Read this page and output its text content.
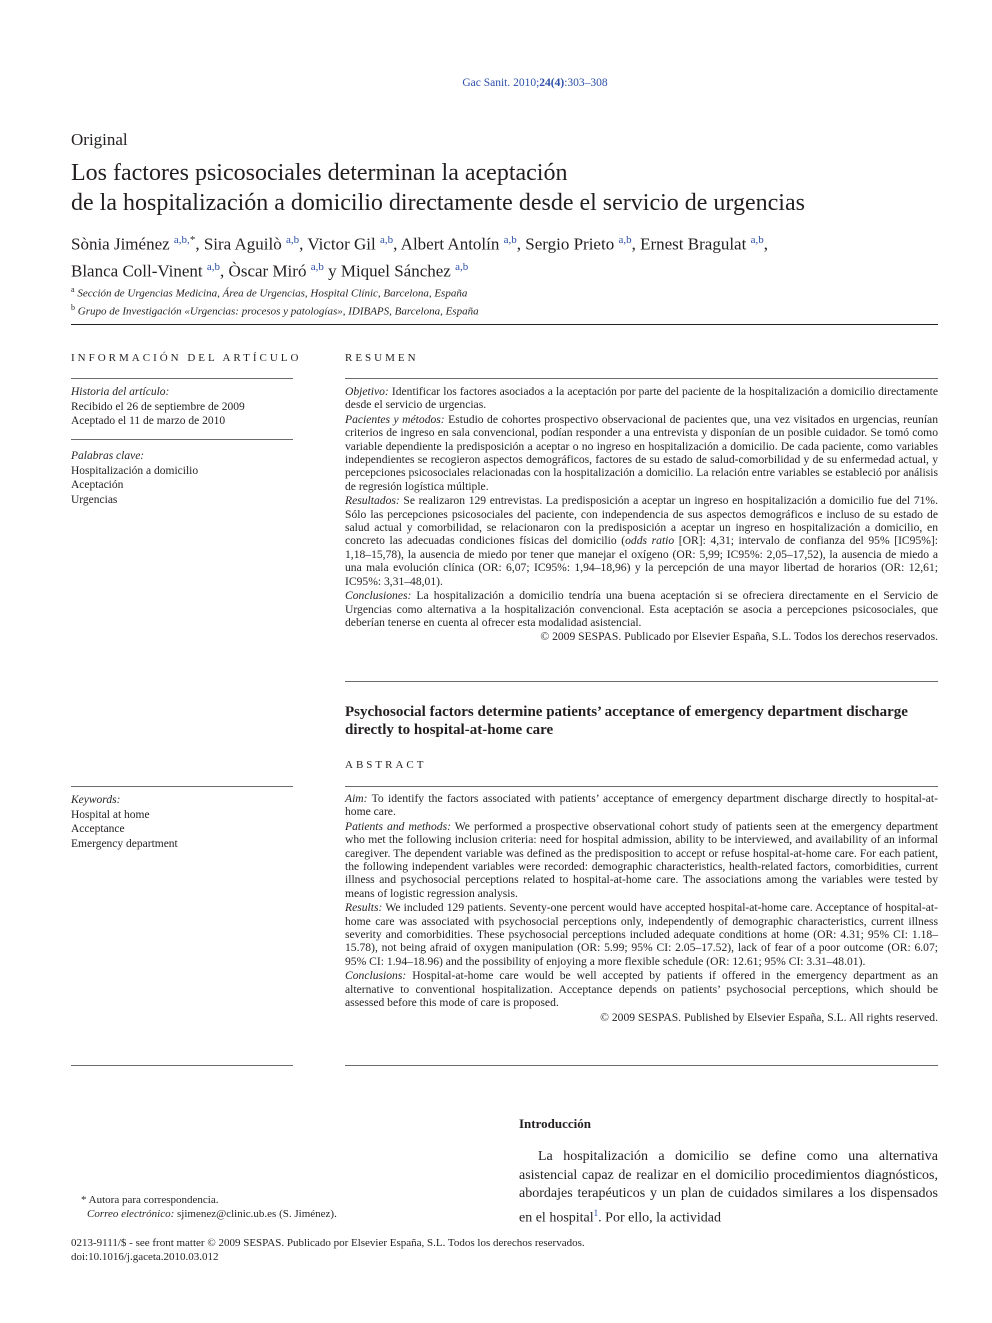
Gac Sanit. 2010;24(4):303–308
Original
Los factores psicosociales determinan la aceptación
de la hospitalización a domicilio directamente desde el servicio de urgencias
Sònia Jiménez $^{a,b,*}$, Sira Aguilò $^{a,b}$, Victor Gil $^{a,b}$, Albert Antolín $^{a,b}$, Sergio Prieto $^{a,b}$, Ernest Bragulat $^{a,b}$,
Blanca Coll-Vinent $^{a,b}$, Òscar Miró $^{a,b}$ y Miquel Sánchez $^{a,b}$
$^a$ Sección de Urgencias Medicina, Área de Urgencias, Hospital Clínic, Barcelona, España
$^b$ Grupo de Investigación «Urgencias: procesos y patologías», IDIBAPS, Barcelona, España
INFORMACIÓN DEL ARTÍCULO
Historia del artículo:
Recibido el 26 de septiembre de 2009
Aceptado el 11 de marzo de 2010
Palabras clave:
Hospitalización a domicilio
Aceptación
Urgencias
Keywords:
Hospital at home
Acceptance
Emergency department
RESUMEN

Objetivo: Identificar los factores asociados a la aceptación por parte del paciente de la hospitalización a domicilio directamente desde el servicio de urgencias.

Pacientes y métodos: Estudio de cohortes prospectivo observacional de pacientes que, una vez visitados en urgencias, reunían criterios de ingreso en sala convencional, podían responder a una entrevista y disponían de un posible cuidador. Se tomó como variable dependiente la predisposición a aceptar o no ingreso en hospitalización a domicilio. De cada paciente, como variables independientes se recogieron aspectos demográficos, factores de su estado de salud-comorbilidad y de su enfermedad actual, y percepciones psicosociales relacionadas con la hospitalización a domicilio. La relación entre variables se estableció por análisis de regresión logística múltiple.

Resultados: Se realizaron 129 entrevistas. La predisposición a aceptar un ingreso en hospitalización a domicilio fue del 71%. Sólo las percepciones psicosociales del paciente, con independencia de sus aspectos demográficos e incluso de su estado de salud actual y comorbilidad, se relacionaron con la predisposición a aceptar un ingreso en hospitalización a domicilio, en concreto las adecuadas condiciones físicas del domicilio (odds ratio [OR]: 4,31; intervalo de confianza del 95% [IC95%]: 1,18–15,78), la ausencia de miedo por tener que manejar el oxígeno (OR: 5,99; IC95%: 2,05–17,52), la ausencia de miedo a una mala evolución clínica (OR: 6,07; IC95%: 1,94–18,96) y la percepción de una mayor libertad de horarios (OR: 12,61; IC95%: 3,31–48,01).

Conclusiones: La hospitalización a domicilio tendría una buena aceptación si se ofreciera directamente en el Servicio de Urgencias como alternativa a la hospitalización convencional. Esta aceptación se asocia a percepciones psicosociales, que deberían tenerse en cuenta al ofrecer esta modalidad asistencial.

© 2009 SESPAS. Publicado por Elsevier España, S.L. Todos los derechos reservados.

Psychosocial factors determine patients’ acceptance of emergency department discharge directly to hospital-at-home care
ABSTRACT

Aim: To identify the factors associated with patients’ acceptance of emergency department discharge directly to hospital-at-home care.

Patients and methods: We performed a prospective observational cohort study of patients seen at the emergency department who met the following inclusion criteria: need for hospital admission, ability to be interviewed, and availability of an informal caregiver. The dependent variable was defined as the predisposition to accept or refuse hospital-at-home care. For each patient, the following independent variables were recorded: demographic characteristics, health-related factors, comorbidities, current illness and psychosocial perceptions related to hospital-at-home care. The associations among the variables were tested by means of logistic regression analysis.

Results: We included 129 patients. Seventy-one percent would have accepted hospital-at-home care. Acceptance of hospital-at-home care was associated with psychosocial perceptions only, independently of demographic characteristics, current illness severity and comorbidities. These psychosocial perceptions included adequate conditions at home (OR: 4.31; 95% CI: 1.18–15.78), not being afraid of oxygen manipulation (OR: 5.99; 95% CI: 2.05–17.52), lack of fear of a poor outcome (OR: 6.07; 95% CI: 1.94–18.96) and the possibility of enjoying a more flexible schedule (OR: 12.61; 95% CI: 3.31–48.01).

Conclusions: Hospital-at-home care would be well accepted by patients if offered in the emergency department as an alternative to conventional hospitalization. Acceptance depends on patients’ psychosocial perceptions, which should be assessed before this mode of care is proposed.

© 2009 SESPAS. Published by Elsevier España, S.L. All rights reserved.

Introducción
La hospitalización a domicilio se define como una alternativa asistencial capaz de realizar en el domicilio procedimientos diagnósticos, abordajes terapéuticos y un plan de cuidados similares a los dispensados en el hospital$^1$. Por ello, la actividad
* Autora para correspondencia.
Correo electrónico: sjimenez@clinic.ub.es (S. Jiménez).
0213-9111/$ - see front matter © 2009 SESPAS. Publicado por Elsevier España, S.L. Todos los derechos reservados.
doi:10.1016/j.gaceta.2010.03.012
